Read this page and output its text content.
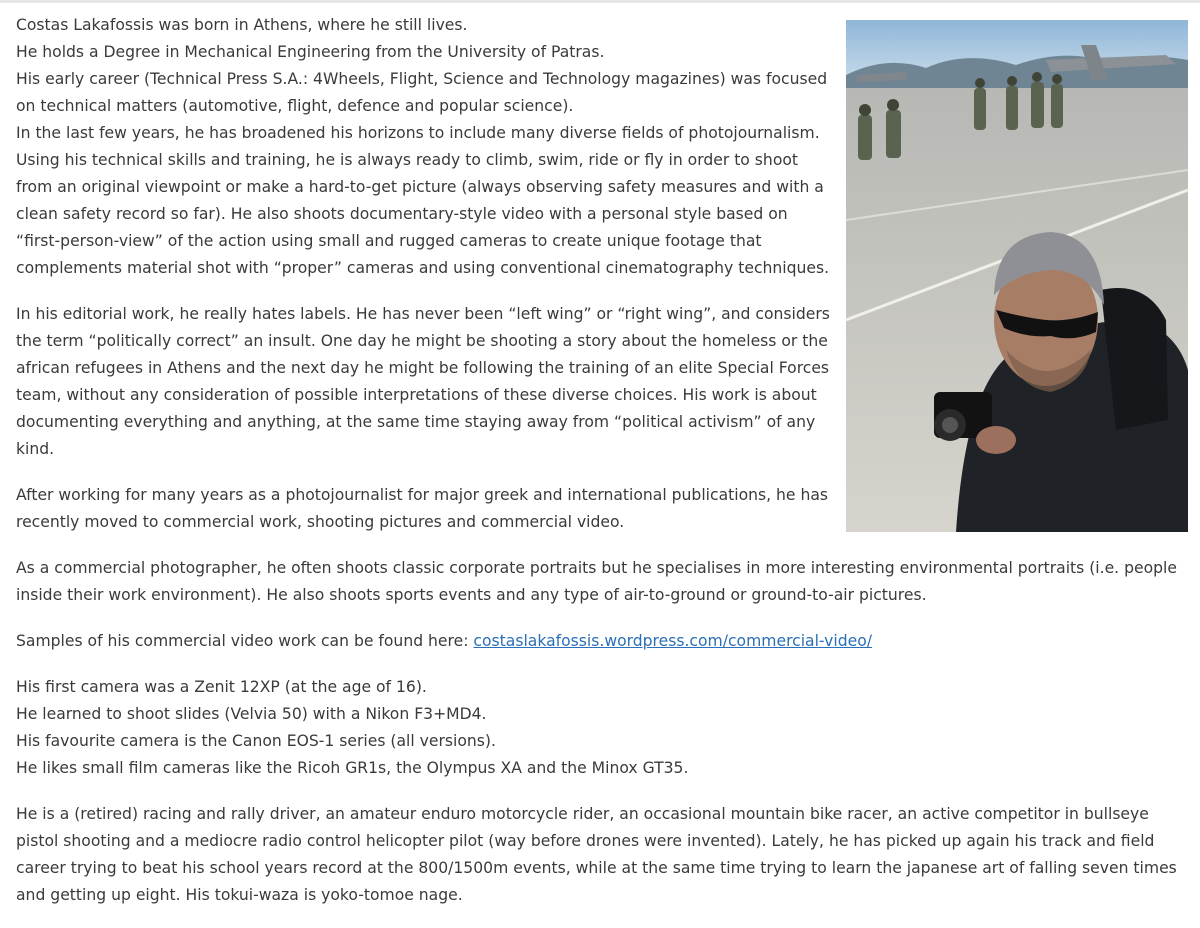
Costas Lakafossis was born in Athens, where he still lives.
He holds a Degree in Mechanical Engineering from the University of Patras.
His early career (Technical Press S.A.: 4Wheels, Flight, Science and Technology magazines) was focused on technical matters (automotive, flight, defence and popular science).
In the last few years, he has broadened his horizons to include many diverse fields of photojournalism. Using his technical skills and training, he is always ready to climb, swim, ride or fly in order to shoot from an original viewpoint or make a hard-to-get picture (always observing safety measures and with a clean safety record so far). He also shoots documentary-style video with a personal style based on “first-person-view” of the action using small and rugged cameras to create unique footage that complements material shot with “proper” cameras and using conventional cinematography techniques.

In his editorial work, he really hates labels. He has never been “left wing” or “right wing”, and considers the term “politically correct” an insult. One day he might be shooting a story about the homeless or the african refugees in Athens and the next day he might be following the training of an elite Special Forces team, without any consideration of possible interpretations of these diverse choices. His work is about documenting everything and anything, at the same time staying away from “political activism” of any kind.

After working for many years as a photojournalist for major greek and international publications, he has recently moved to commercial work, shooting pictures and commercial video.

As a commercial photographer, he often shoots classic corporate portraits but he specialises in more interesting environmental portraits (i.e. people inside their work environment). He also shoots sports events and any type of air-to-ground or ground-to-air pictures.

Samples of his commercial video work can be found here: costaslakafossis.wordpress.com/commercial-video/

His first camera was a Zenit 12XP (at the age of 16).
He learned to shoot slides (Velvia 50) with a Nikon F3+MD4.
His favourite camera is the Canon EOS-1 series (all versions).
He likes small film cameras like the Ricoh GR1s, the Olympus XA and the Minox GT35.

He is a (retired) racing and rally driver, an amateur enduro motorcycle rider, an occasional mountain bike racer, an active competitor in bullseye pistol shooting and a mediocre radio control helicopter pilot (way before drones were invented). Lately, he has picked up again his track and field career trying to beat his school years record at the 800/1500m events, while at the same time trying to learn the japanese art of falling seven times and getting up eight. His tokui-waza is yoko-tomoe nage.
